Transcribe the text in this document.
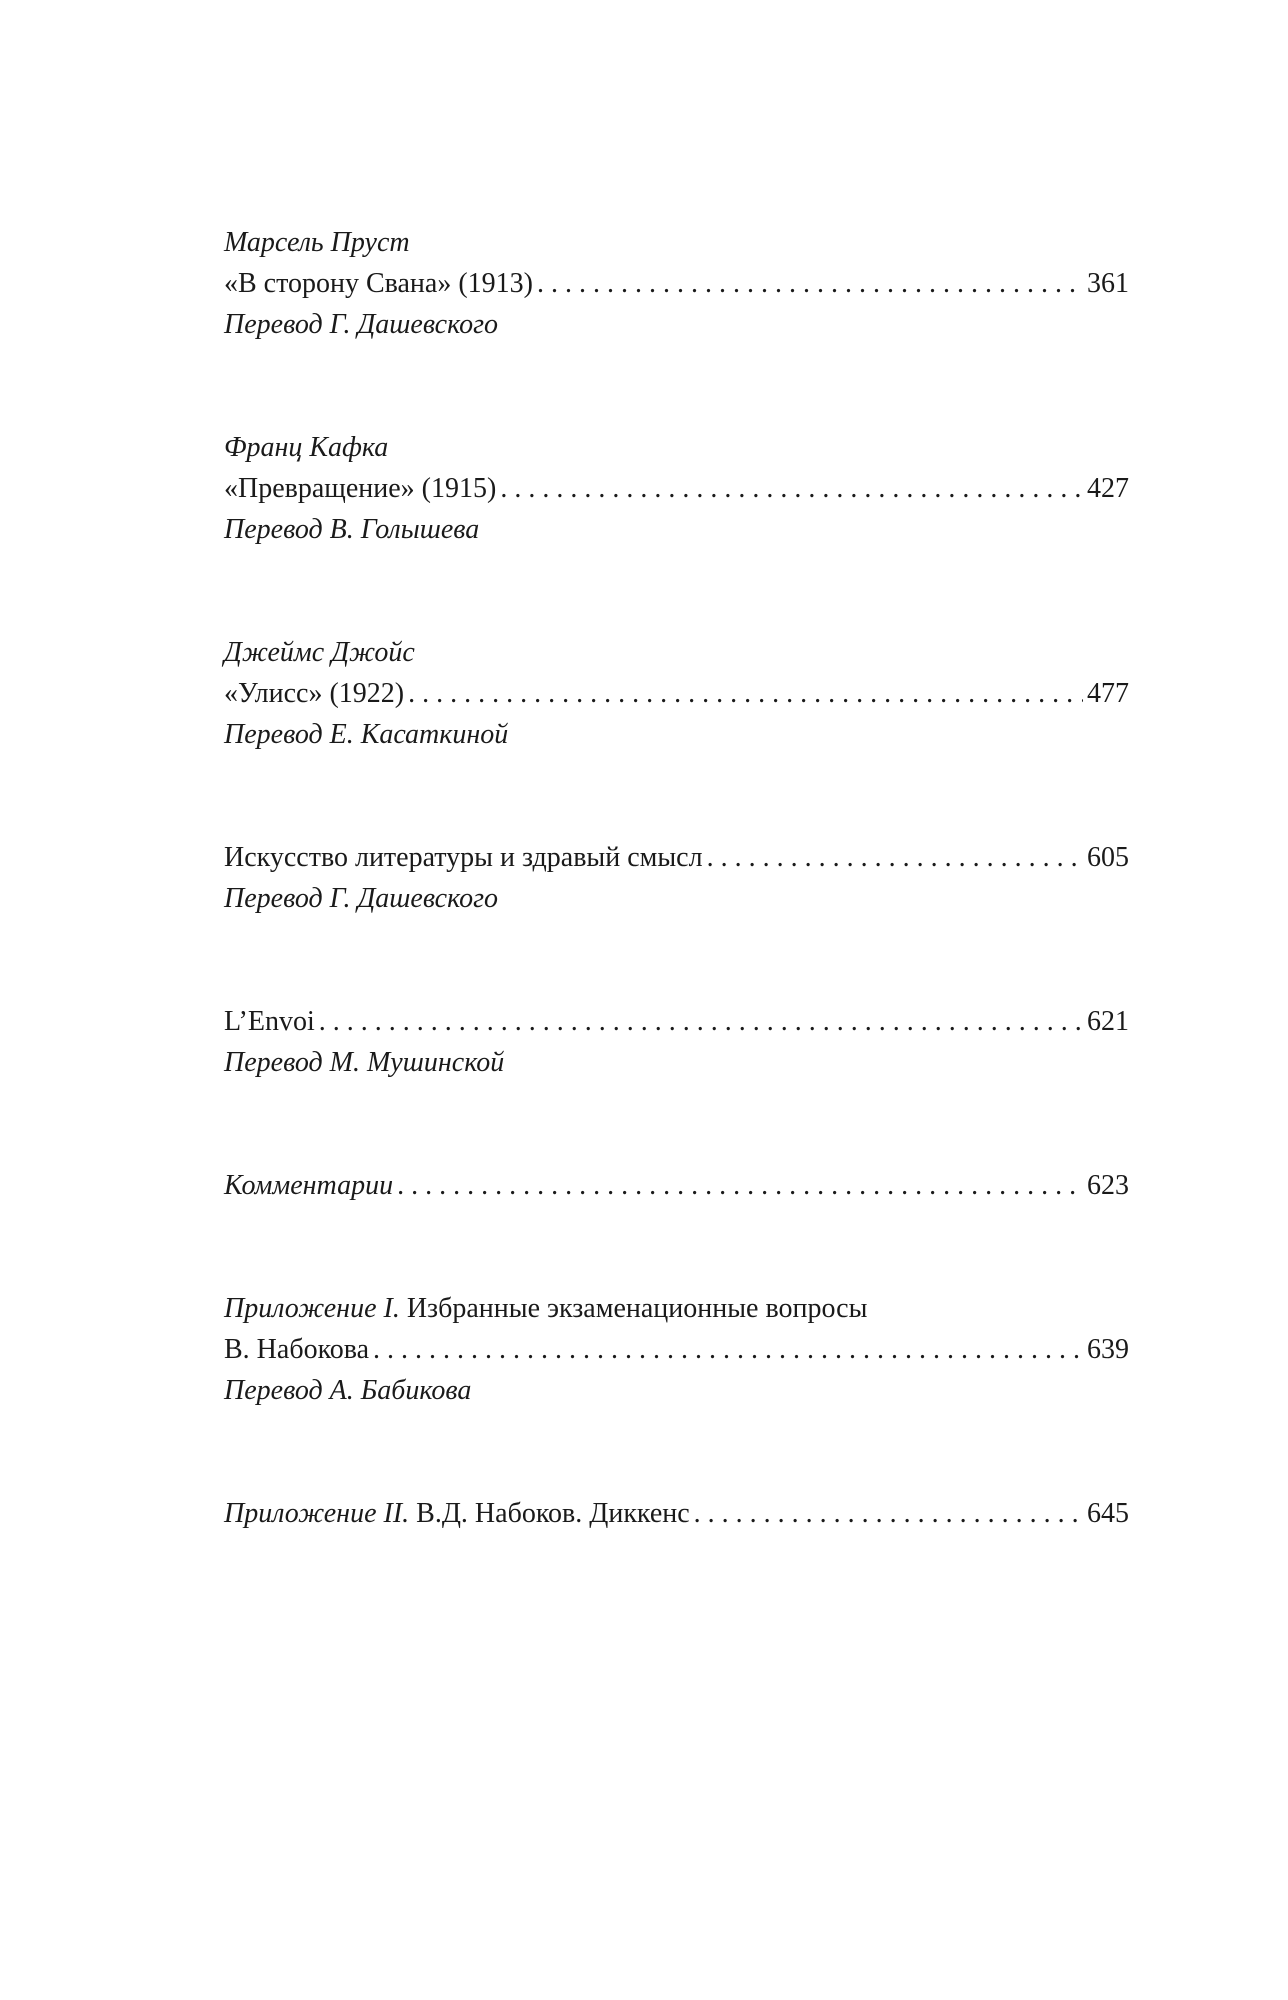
Марсель Пруст
«В сторону Свана» (1913) . . .	361
Перевод Г. Дашевского
Франц Кафка
«Превращение» (1915) . . .	427
Перевод В. Голышева
Джеймс Джойс
«Улисс» (1922) . . .	477
Перевод Е. Касаткиной
Искусство литературы и здравый смысл . . .	605
Перевод Г. Дашевского
L’Envoi . . .	621
Перевод М. Мушинской
Комментарии . . .	623
Приложение I.
Избранные экзаменационные вопросы
В. Набокова . . .	639
Перевод А. Бабикова
Приложение II. В.Д. Набоков. Диккенс . . .	645
